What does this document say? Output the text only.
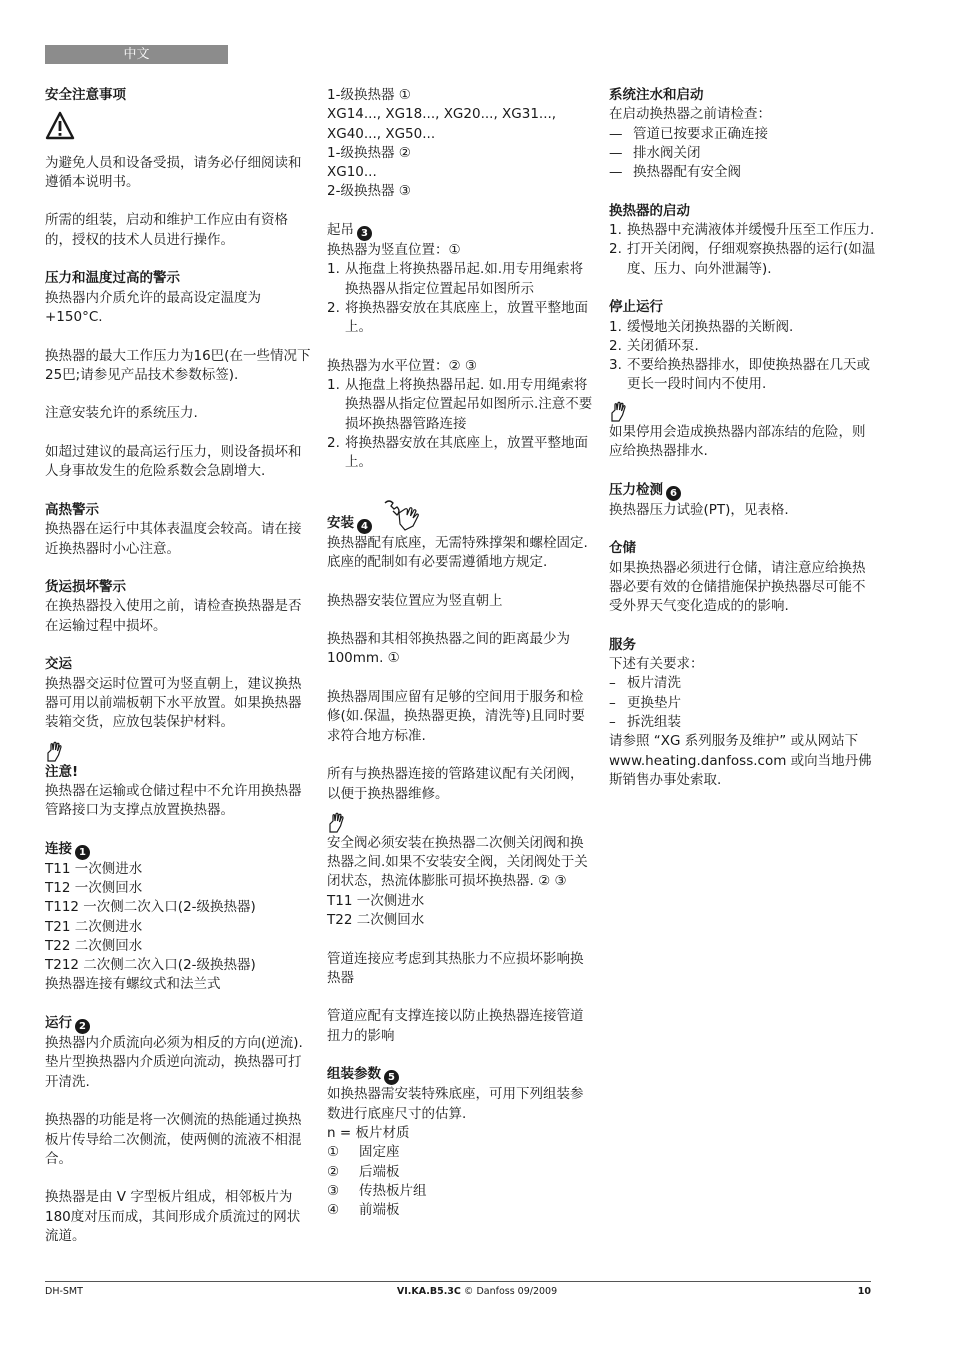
中文
安全注意事项

为避免人员和设备受损，请务必仔细阅读和遵循本说明书。

所需的组装，启动和维护工作应由有资格的，授权的技术人员进行操作。

压力和温度过高的警示

换热器内介质允许的最高设定温度为+150°C.

换热器的最大工作压力为16巴(在一些情况下25巴;请参见产品技术参数标签).

注意安装允许的系统压力.

如超过建议的最高运行压力，则设备损坏和人身事故发生的危险系数会急剧增大.

高热警示

换热器在运行中其体表温度会较高。请在接近换热器时小心注意。

货运损坏警示

在换热器投入使用之前，请检查换热器是否在运输过程中损坏。

交运

换热器交运时位置可为竖直朝上，建议换热器可用以前端板朝下水平放置。如果换热器装箱交货，应放包装保护材料。

注意!

换热器在运输或仓储过程中不允许用换热器管路接口为支撑点放置换热器。

连接 1
T11 一次侧进水
T12 一次侧回水
T112 一次侧二次入口(2-级换热器)
T21 二次侧进水
T22 二次侧回水
T212 二次侧二次入口(2-级换热器)
换热器连接有螺纹式和法兰式
运行 2

换热器内介质流向必须为相反的方向(逆流).垫片型换热器内介质逆向流动，换热器可打开清洗.

换热器的功能是将一次侧流的热能通过换热板片传导给二次侧流，使两侧的流液不相混合。

换热器是由 V 字型板片组成，相邻板片为180度对压而成，其间形成介质流过的网状流道。

1-级换热器 ①
XG14..., XG18..., XG20..., XG31..., XG40..., XG50...
1-级换热器 ②
XG10...
2-级换热器 ③
起吊 3

换热器为竖直位置：①

1. 从拖盘上将换热器吊起.如.用专用绳索将换热器从指定位置起吊如图所示
2. 将换热器安放在其底座上，放置平整地面上。

换热器为水平位置：② ③

1. 从拖盘上将换热器吊起. 如.用专用绳索将换热器从指定位置起吊如图所示.注意不要损坏换热器管路连接
2. 将换热器安放在其底座上，放置平整地面上。
安装 4

换热器配有底座，无需特殊撑架和螺栓固定.底座的配制如有必要需遵循地方规定.

换热器安装位置应为竖直朝上

换热器和其相邻换热器之间的距离最少为100mm. ①

换热器周围应留有足够的空间用于服务和检修(如.保温，换热器更换，清洗等)且同时要求符合地方标准.

所有与换热器连接的管路建议配有关闭阀，以便于换热器维修。

安全阀必须安装在换热器二次侧关闭阀和换热器之间.如果不安装安全阀，关闭阀处于关闭状态，热流体膨胀可损坏换热器. ② ③

T11 一次侧进水
T22 二次侧回水

管道连接应考虑到其热胀力不应损坏影响换热器

管道应配有支撑连接以防止换热器连接管道扭力的影响

组装参数 5

如换热器需安装特殊底座，可用下列组装参数进行底座尺寸的估算.

n = 板片材质

① 固定座
② 后端板
③ 传热板片组
④ 前端板
系统注水和启动

在启动换热器之前请检查：

— 管道已按要求正确连接
— 排水阀关闭
— 换热器配有安全阀
换热器的启动
1. 换热器中充满液体并缓慢升压至工作压力.
2. 打开关闭阀，仔细观察换热器的运行(如温度、压力、向外泄漏等).
停止运行
1. 缓慢地关闭换热器的关断阀.
2. 关闭循环泵.
3. 不要给换热器排水，即使换热器在几天或更长一段时间内不使用.

如果停用会造成换热器内部冻结的危险，则应给换热器排水.

压力检测 6

换热器压力试验(PT)，见表格.

仓储

如果换热器必须进行仓储，请注意应给换热器必要有效的仓储措施保护换热器尽可能不受外界天气变化造成的的影响.

服务

下述有关要求：

– 板片清洗
– 更换垫片
– 拆洗组装

请参照 “XG 系列服务及维护” 或从网站下 www.heating.danfoss.com 或向当地丹佛斯销售办事处索取.

DH-SMT	VI.KA.B5.3C © Danfoss 09/2009	10
